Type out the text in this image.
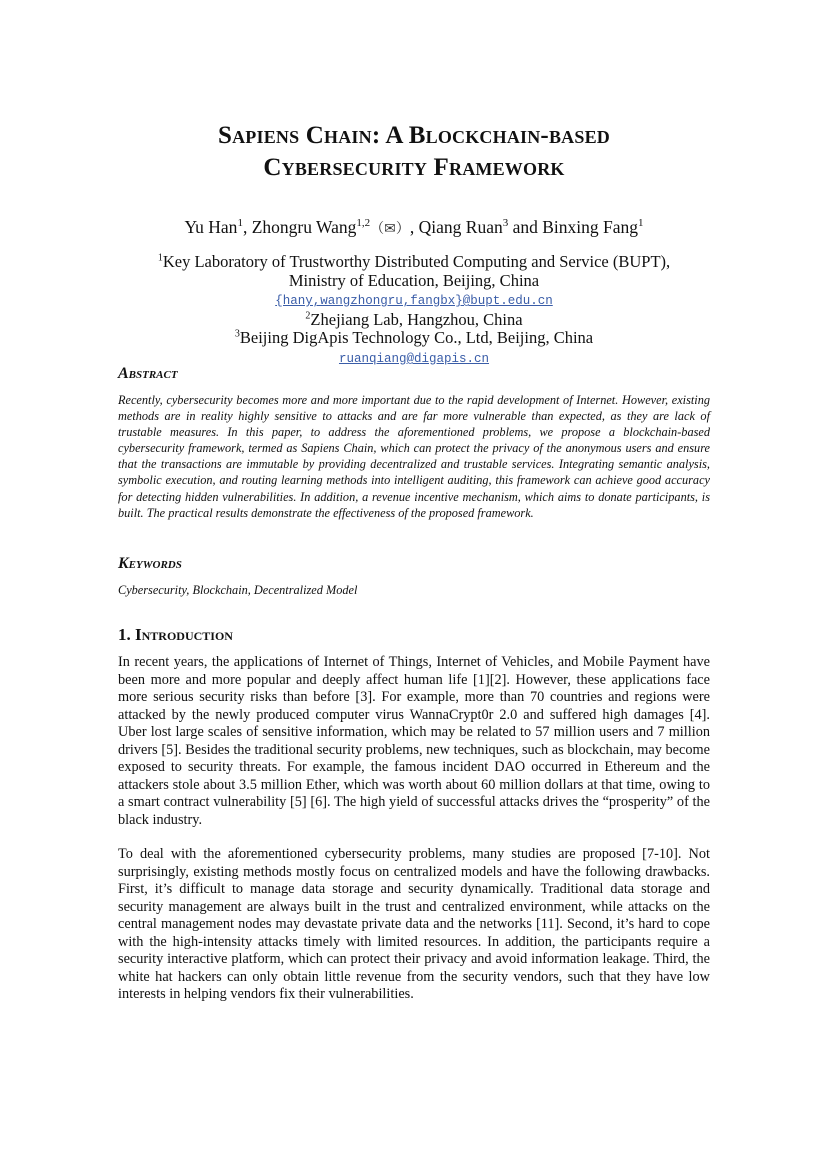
Sapiens Chain: A Blockchain-based
Cybersecurity Framework
Yu Han$^1$, Zhongru Wang$^{1,2}$（✉）, Qiang Ruan$^3$ and Binxing Fang$^1$
$^1$Key Laboratory of Trustworthy Distributed Computing and Service (BUPT),
Ministry of Education, Beijing, China
{hany,wangzhongru,fangbx}@bupt.edu.cn
$^2$Zhejiang Lab, Hangzhou, China
$^3$Beijing DigApis Technology Co., Ltd, Beijing, China
ruanqiang@digapis.cn
Abstract
Recently, cybersecurity becomes more and more important due to the rapid development of Internet. However, existing methods are in reality highly sensitive to attacks and are far more vulnerable than expected, as they are lack of trustable measures. In this paper, to address the aforementioned problems, we propose a blockchain-based cybersecurity framework, termed as Sapiens Chain, which can protect the privacy of the anonymous users and ensure that the transactions are immutable by providing decentralized and trustable services. Integrating semantic analysis, symbolic execution, and routing learning methods into intelligent auditing, this framework can achieve good accuracy for detecting hidden vulnerabilities. In addition, a revenue incentive mechanism, which aims to donate participants, is built. The practical results demonstrate the effectiveness of the proposed framework.
Keywords
Cybersecurity, Blockchain, Decentralized Model
1. Introduction
In recent years, the applications of Internet of Things, Internet of Vehicles, and Mobile Payment have been more and more popular and deeply affect human life [1][2]. However, these applications face more serious security risks than before [3]. For example, more than 70 countries and regions were attacked by the newly produced computer virus WannaCrypt0r 2.0 and suffered high damages [4]. Uber lost large scales of sensitive information, which may be related to 57 million users and 7 million drivers [5]. Besides the traditional security problems, new techniques, such as blockchain, may become exposed to security threats. For example, the famous incident DAO occurred in Ethereum and the attackers stole about 3.5 million Ether, which was worth about 60 million dollars at that time, owing to a smart contract vulnerability [5] [6]. The high yield of successful attacks drives the “prosperity” of the black industry.
To deal with the aforementioned cybersecurity problems, many studies are proposed [7-10]. Not surprisingly, existing methods mostly focus on centralized models and have the following drawbacks. First, it’s difficult to manage data storage and security dynamically. Traditional data storage and security management are always built in the trust and centralized environment, while attacks on the central management nodes may devastate private data and the networks [11]. Second, it’s hard to cope with the high-intensity attacks timely with limited resources. In addition, the participants require a security interactive platform, which can protect their privacy and avoid information leakage. Third, the white hat hackers can only obtain little revenue from the security vendors, such that they have low interests in helping vendors fix their vulnerabilities.
